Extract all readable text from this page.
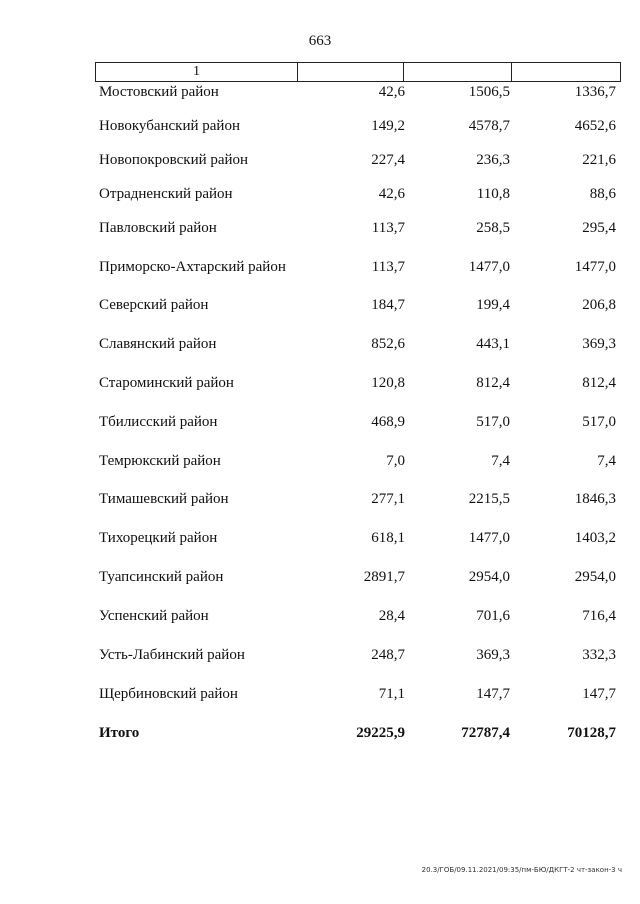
663
1			
Мостовский район	42,6	1506,5	1336,7
Новокубанский район	149,2	4578,7	4652,6
Новопокровский район	227,4	236,3	221,6
Отрадненский район	42,6	110,8	88,6
Павловский район	113,7	258,5	295,4
Приморско-Ахтарский район	113,7	1477,0	1477,0
Северский район	184,7	199,4	206,8
Славянский район	852,6	443,1	369,3
Староминский район	120,8	812,4	812,4
Тбилисский район	468,9	517,0	517,0
Темрюкский район	7,0	7,4	7,4
Тимашевский район	277,1	2215,5	1846,3
Тихорецкий район	618,1	1477,0	1403,2
Туапсинский район	2891,7	2954,0	2954,0
Успенский район	28,4	701,6	716,4
Усть-Лабинский район	248,7	369,3	332,3
Щербиновский район	71,1	147,7	147,7
Итого	29225,9	72787,4	70128,7
20.3/ГОБ/09.11.2021/09:35/пм-БЮ/ДКГТ-2 чт-закон-3 ч
